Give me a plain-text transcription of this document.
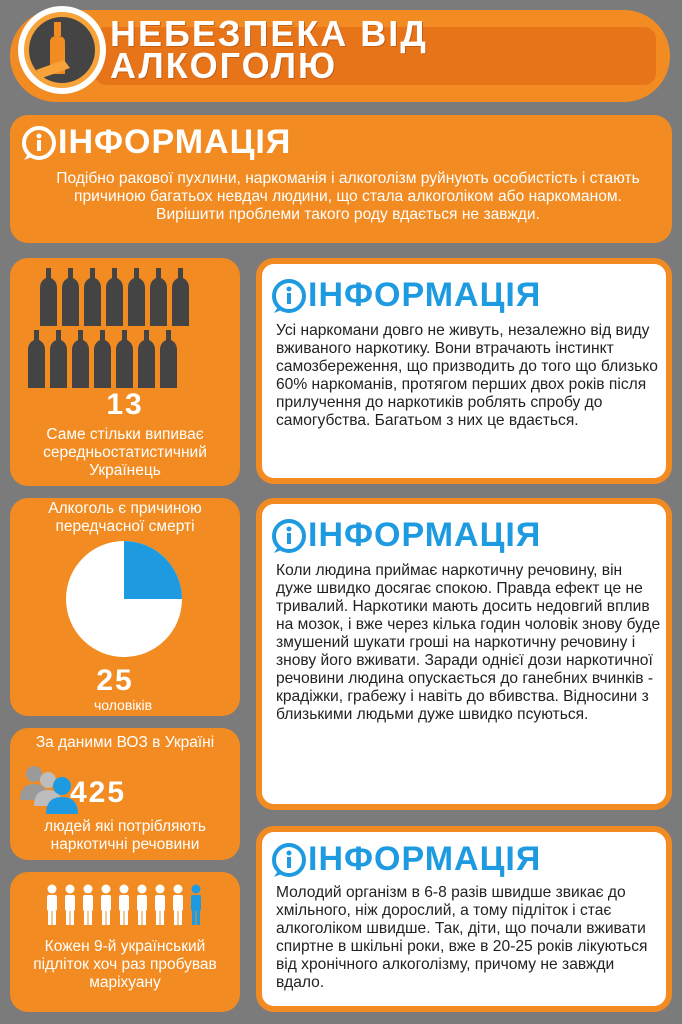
НЕБЕЗПЕКА ВІД
АЛКОГОЛЮ
ІНФОРМАЦІЯ
Подібно ракової пухлини, наркоманія і алкоголізм руйнують особистість і стають причиною багатьох невдач людини, що стала алкоголіком або наркоманом. Вирішити проблеми такого роду вдається не завжди.
13
Саме стільки випиває середньостатистичний Українець
Алкоголь є причиною передчасної смерті
25
чоловіків
За даними ВОЗ в Україні
425
людей які потрібляють наркотичні речовини
Кожен 9-й український підліток хоч раз пробував маріхуану
ІНФОРМАЦІЯ
Усі наркомани довго не живуть, незалежно від виду вживаного наркотику. Вони втрачають інстинкт самозбереження, що призводить до того що близько 60% наркоманів, протягом перших двох років після прилучення до наркотиків роблять спробу до самогубства. Багатьом з них це вдається.
ІНФОРМАЦІЯ
Коли людина приймає наркотичну речовину, він дуже швидко досягає спокою. Правда ефект це не тривалий. Наркотики мають досить недовгий вплив на мозок, і вже через кілька годин чоловік знову буде змушений шукати гроші на наркотичну речовину і знову його вживати. Заради однієї дози наркотичної речовини людина опускається до ганебних вчинків - крадіжки, грабежу і навіть до вбивства. Відносини з близькими людьми дуже швидко псуються.
ІНФОРМАЦІЯ
Молодий організм в 6-8 разів швидше звикає до хмільного, ніж дорослий, а тому підліток і стає алкоголіком швидше. Так, діти, що почали вживати спиртне в шкільні роки, вже в 20-25 років лікуються від хронічного алкоголізму, причому не завжди вдало.
